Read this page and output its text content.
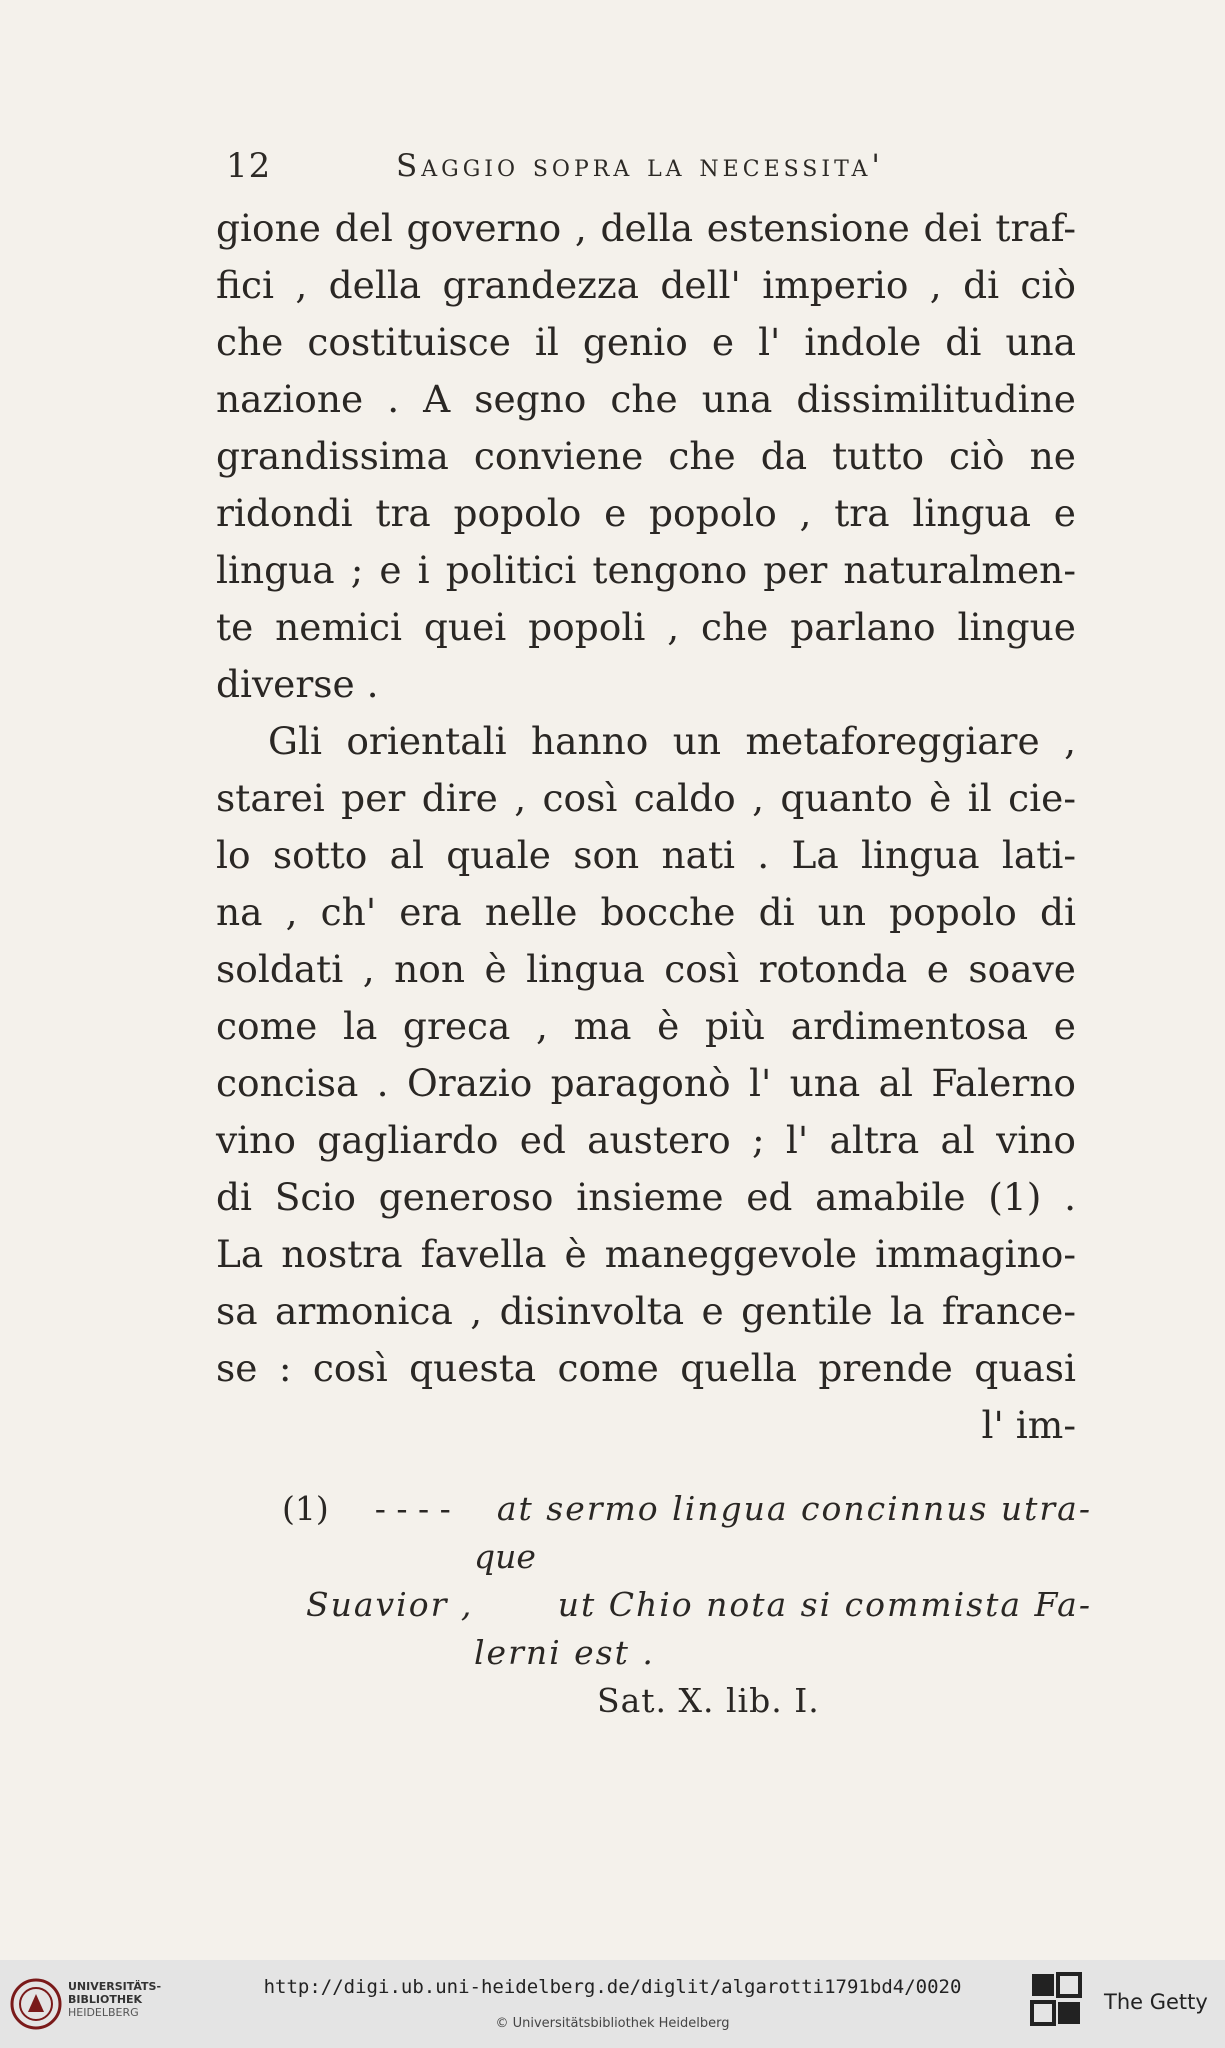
12	Saggio sopra la necessita'
gione del governo , della estensione dei traf-
fici , della grandezza dell' imperio , di ciò
che costituisce il genio e l' indole di una
nazione . A segno che una dissimilitudine
grandissima conviene che da tutto ciò ne
ridondi tra popolo e popolo , tra lingua e
lingua ; e i politici tengono per naturalmen-
te nemici quei popoli , che parlano lingue
diverse .
Gli orientali hanno un metaforeggiare ,
starei per dire , così caldo , quanto è il cie-
lo sotto al quale son nati . La lingua lati-
na , ch' era nelle bocche di un popolo di
soldati , non è lingua così rotonda e soave
come la greca , ma è più ardimentosa e
concisa . Orazio paragonò l' una al Falerno
vino gagliardo ed austero ; l' altra al vino
di Scio generoso insieme ed amabile (1) .
La nostra favella è maneggevole immagino-
sa armonica , disinvolta e gentile la france-
se : così questa come quella prende quasi
l' im-
(1) - - - - at sermo lingua concinnus utra-
que
Suavior ,	ut Chio nota si commista Fa-
lerni est .
Sat. X. lib. I.
UNIVERSITÄTS-
BIBLIOTHEK
HEIDELBERG
http://digi.ub.uni-heidelberg.de/diglit/algarotti1791bd4/0020
© Universitätsbibliothek Heidelberg
The Getty
